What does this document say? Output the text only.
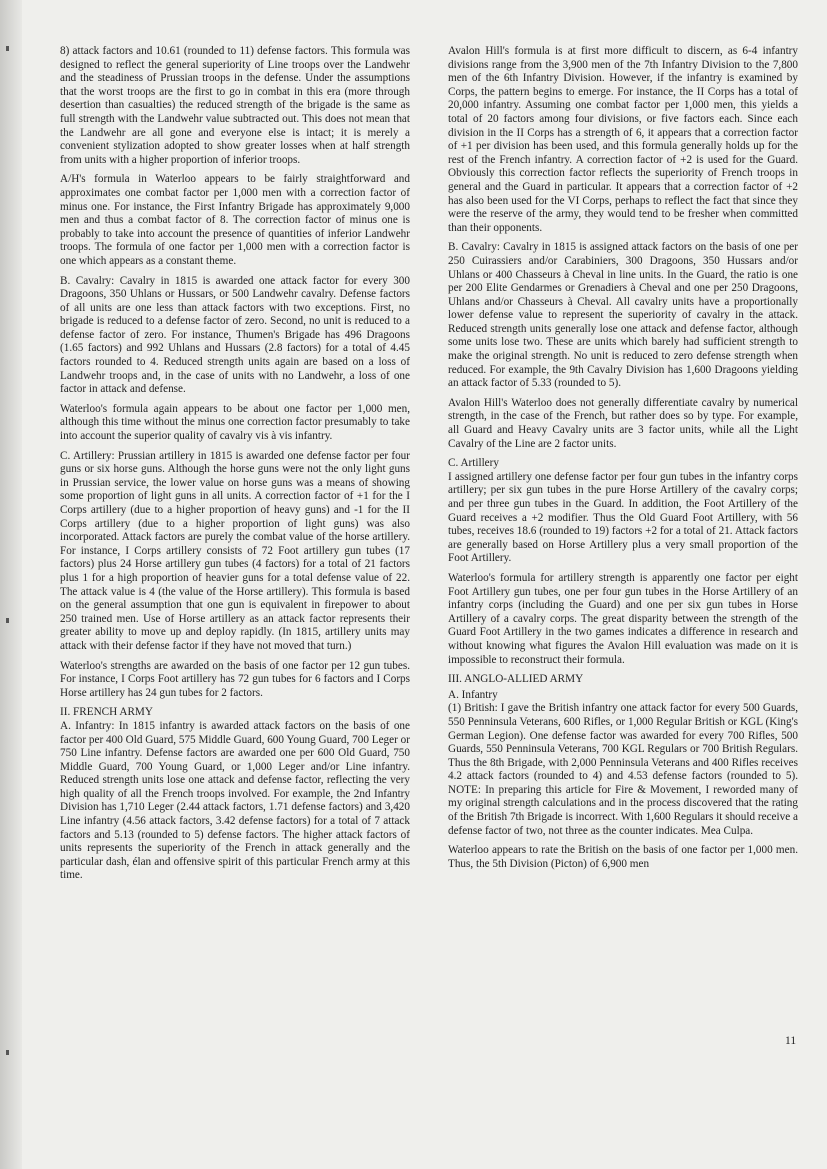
8) attack factors and 10.61 (rounded to 11) defense factors. This formula was designed to reflect the general superiority of Line troops over the Landwehr and the steadiness of Prussian troops in the defense. Under the assumptions that the worst troops are the first to go in combat in this era (more through desertion than casualties) the reduced strength of the brigade is the same as full strength with the Landwehr value subtracted out. This does not mean that the Landwehr are all gone and everyone else is intact; it is merely a convenient stylization adopted to show greater losses when at half strength from units with a higher proportion of inferior troops.

A/H's formula in Waterloo appears to be fairly straightforward and approximates one combat factor per 1,000 men with a correction factor of minus one. For instance, the First Infantry Brigade has approximately 9,000 men and thus a combat factor of 8. The correction factor of minus one is probably to take into account the presence of quantities of inferior Landwehr troops. The formula of one factor per 1,000 men with a correction factor is one which appears as a constant theme.

B. Cavalry: Cavalry in 1815 is awarded one attack factor for every 300 Dragoons, 350 Uhlans or Hussars, or 500 Landwehr cavalry. Defense factors of all units are one less than attack factors with two exceptions. First, no brigade is reduced to a defense factor of zero. Second, no unit is reduced to a defense factor of zero. For instance, Thumen's Brigade has 496 Dragoons (1.65 factors) and 992 Uhlans and Hussars (2.8 factors) for a total of 4.45 factors rounded to 4. Reduced strength units again are based on a loss of Landwehr troops and, in the case of units with no Landwehr, a loss of one factor in attack and defense.

Waterloo's formula again appears to be about one factor per 1,000 men, although this time without the minus one correction factor presumably to take into account the superior quality of cavalry vis à vis infantry.

C. Artillery: Prussian artillery in 1815 is awarded one defense factor per four guns or six horse guns. Although the horse guns were not the only light guns in Prussian service, the lower value on horse guns was a means of showing some proportion of light guns in all units. A correction factor of +1 for the I Corps artillery (due to a higher proportion of heavy guns) and -1 for the II Corps artillery (due to a higher proportion of light guns) was also incorporated. Attack factors are purely the combat value of the horse artillery. For instance, I Corps artillery consists of 72 Foot artillery gun tubes (17 factors) plus 24 Horse artillery gun tubes (4 factors) for a total of 21 factors plus 1 for a high proportion of heavier guns for a total defense value of 22. The attack value is 4 (the value of the Horse artillery). This formula is based on the general assumption that one gun is equivalent in firepower to about 250 trained men. Use of Horse artillery as an attack factor represents their greater ability to move up and deploy rapidly. (In 1815, artillery units may attack with their defense factor if they have not moved that turn.)

Waterloo's strengths are awarded on the basis of one factor per 12 gun tubes. For instance, I Corps Foot artillery has 72 gun tubes for 6 factors and I Corps Horse artillery has 24 gun tubes for 2 factors.

II. FRENCH ARMY

A. Infantry: In 1815 infantry is awarded attack factors on the basis of one factor per 400 Old Guard, 575 Middle Guard, 600 Young Guard, 700 Leger or 750 Line infantry. Defense factors are awarded one per 600 Old Guard, 750 Middle Guard, 700 Young Guard, or 1,000 Leger and/or Line infantry. Reduced strength units lose one attack and defense factor, reflecting the very high quality of all the French troops involved. For example, the 2nd Infantry Division has 1,710 Leger (2.44 attack factors, 1.71 defense factors) and 3,420 Line infantry (4.56 attack factors, 3.42 defense factors) for a total of 7 attack factors and 5.13 (rounded to 5) defense factors. The higher attack factors of units represents the superiority of the French in attack generally and the particular dash, élan and offensive spirit of this particular French army at this time.

Avalon Hill's formula is at first more difficult to discern, as 6-4 infantry divisions range from the 3,900 men of the 7th Infantry Division to the 7,800 men of the 6th Infantry Division. However, if the infantry is examined by Corps, the pattern begins to emerge. For instance, the II Corps has a total of 20,000 infantry. Assuming one combat factor per 1,000 men, this yields a total of 20 factors among four divisions, or five factors each. Since each division in the II Corps has a strength of 6, it appears that a correction factor of +1 per division has been used, and this formula generally holds up for the rest of the French infantry. A correction factor of +2 is used for the Guard. Obviously this correction factor reflects the superiority of French troops in general and the Guard in particular. It appears that a correction factor of +2 has also been used for the VI Corps, perhaps to reflect the fact that since they were the reserve of the army, they would tend to be fresher when committed than their opponents.

B. Cavalry: Cavalry in 1815 is assigned attack factors on the basis of one per 250 Cuirassiers and/or Carabiniers, 300 Dragoons, 350 Hussars and/or Uhlans or 400 Chasseurs à Cheval in line units. In the Guard, the ratio is one per 200 Elite Gendarmes or Grenadiers à Cheval and one per 250 Dragoons, Uhlans and/or Chasseurs à Cheval. All cavalry units have a proportionally lower defense value to represent the superiority of cavalry in the attack. Reduced strength units generally lose one attack and defense factor, although some units lose two. These are units which barely had sufficient strength to make the original strength. No unit is reduced to zero defense strength when reduced. For example, the 9th Cavalry Division has 1,600 Dragoons yielding an attack factor of 5.33 (rounded to 5).

Avalon Hill's Waterloo does not generally differentiate cavalry by numerical strength, in the case of the French, but rather does so by type. For example, all Guard and Heavy Cavalry units are 3 factor units, while all the Light Cavalry of the Line are 2 factor units.

C. Artillery

I assigned artillery one defense factor per four gun tubes in the infantry corps artillery; per six gun tubes in the pure Horse Artillery of the cavalry corps; and per three gun tubes in the Guard. In addition, the Foot Artillery of the Guard receives a +2 modifier. Thus the Old Guard Foot Artillery, with 56 tubes, receives 18.6 (rounded to 19) factors +2 for a total of 21. Attack factors are generally based on Horse Artillery plus a very small proportion of the Foot Artillery.

Waterloo's formula for artillery strength is apparently one factor per eight Foot Artillery gun tubes, one per four gun tubes in the Horse Artillery of an infantry corps (including the Guard) and one per six gun tubes in Horse Artillery of a cavalry corps. The great disparity between the strength of the Guard Foot Artillery in the two games indicates a difference in research and without knowing what figures the Avalon Hill evaluation was made on it is impossible to reconstruct their formula.

III. ANGLO-ALLIED ARMY
A. Infantry

(1) British: I gave the British infantry one attack factor for every 500 Guards, 550 Penninsula Veterans, 600 Rifles, or 1,000 Regular British or KGL (King's German Legion). One defense factor was awarded for every 700 Rifles, 500 Guards, 550 Penninsula Veterans, 700 KGL Regulars or 700 British Regulars. Thus the 8th Brigade, with 2,000 Penninsula Veterans and 400 Rifles receives 4.2 attack factors (rounded to 4) and 4.53 defense factors (rounded to 5). NOTE: In preparing this article for Fire & Movement, I reworded many of my original strength calculations and in the process discovered that the rating of the British 7th Brigade is incorrect. With 1,600 Regulars it should receive a defense factor of two, not three as the counter indicates. Mea Culpa.

Waterloo appears to rate the British on the basis of one factor per 1,000 men. Thus, the 5th Division (Picton) of 6,900 men

11
